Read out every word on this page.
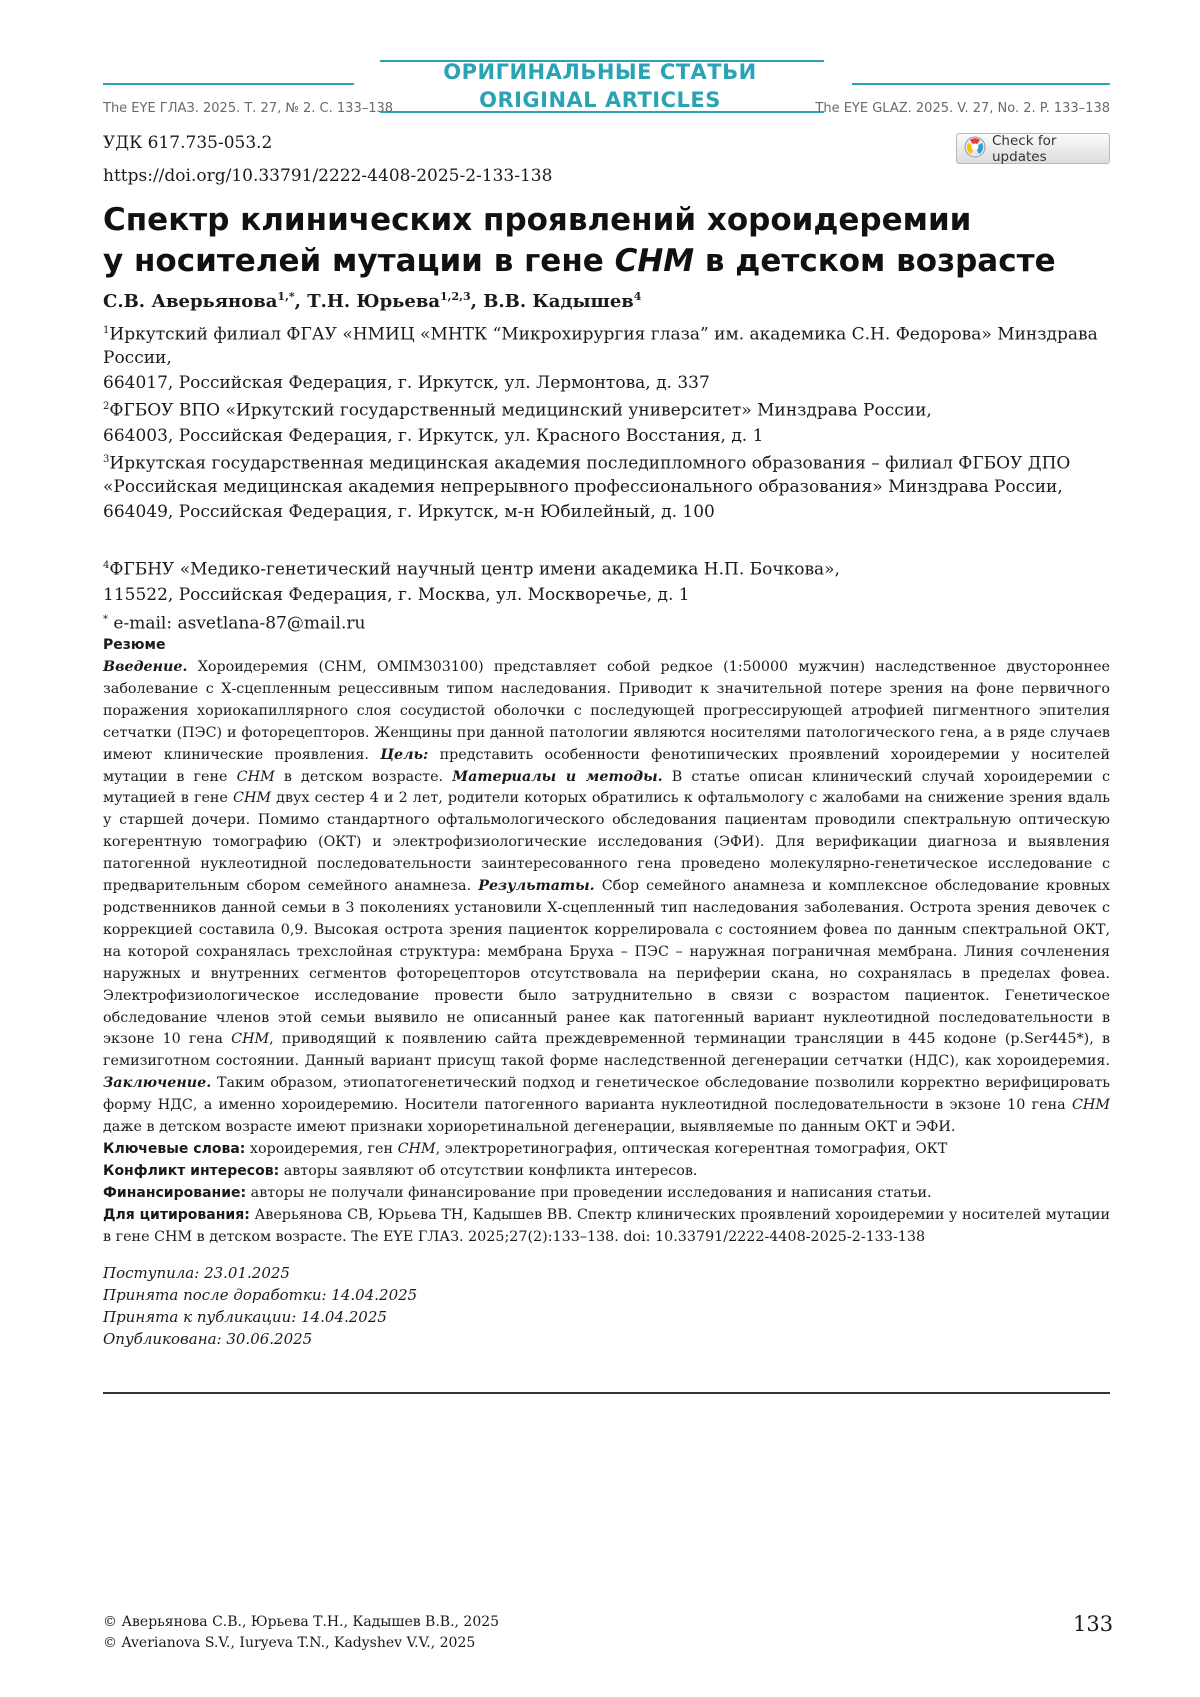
ОРИГИНАЛЬНЫЕ СТАТЬИ
ORIGINAL ARTICLES
The EYE ГЛАЗ. 2025. Т. 27, № 2. С. 133–138	The EYE GLAZ. 2025. V. 27, No. 2. P. 133–138
УДК 617.735-053.2
https://doi.org/10.33791/2222-4408-2025-2-133-138
Check for updates
Спектр клинических проявлений хороидеремии
у носителей мутации в гене CHM в детском возрасте
С.В. Аверьянова$^{1,*}$, Т.Н. Юрьева$^{1,2,3}$, В.В. Кадышев$^4$
$^1$Иркутский филиал ФГАУ «НМИЦ «МНТК “Микрохирургия глаза” им. академика С.Н. Федорова» Минздрава России,
664017, Российская Федерация, г. Иркутск, ул. Лермонтова, д. 337
$^2$ФГБОУ ВПО «Иркутский государственный медицинский университет» Минздрава России,
664003, Российская Федерация, г. Иркутск, ул. Красного Восстания, д. 1
$^3$Иркутская государственная медицинская академия последипломного образования – филиал ФГБОУ ДПО «Российская медицинская академия непрерывного профессионального образования» Минздрава России,
664049, Российская Федерация, г. Иркутск, м-н Юбилейный, д. 100
$^4$ФГБНУ «Медико-генетический научный центр имени академика Н.П. Бочкова»,
115522, Российская Федерация, г. Москва, ул. Москворечье, д. 1
* e-mail: asvetlana-87@mail.ru
Резюме
Введение. Хороидеремия (CHM, OMIM303100) представляет собой редкое (1:50000 мужчин) наследственное двустороннее заболевание с Х-сцепленным рецессивным типом наследования. Приводит к значительной потере зрения на фоне первичного поражения хориокапиллярного слоя сосудистой оболочки с последующей прогрессирующей атрофией пигментного эпителия сетчатки (ПЭС) и фоторецепторов. Женщины при данной патологии являются носителями патологического гена, а в ряде случаев имеют клинические проявления. Цель: представить особенности фенотипических проявлений хороидеремии у носителей мутации в гене CHM в детском возрасте. Материалы и методы. В статье описан клинический случай хороидеремии с мутацией в гене CHM двух сестер 4 и 2 лет, родители которых обратились к офтальмологу с жалобами на снижение зрения вдаль у старшей дочери. Помимо стандартного офтальмологического обследования пациентам проводили спектральную оптическую когерентную томографию (ОКТ) и электрофизиологические исследования (ЭФИ). Для верификации диагноза и выявления патогенной нуклеотидной последовательности заинтересованного гена проведено молекулярно-генетическое исследование с предварительным сбором семейного анамнеза. Результаты. Сбор семейного анамнеза и комплексное обследование кровных родственников данной семьи в 3 поколениях установили Х-сцепленный тип наследования заболевания. Острота зрения девочек с коррекцией составила 0,9. Высокая острота зрения пациенток коррелировала с состоянием фовеа по данным спектральной ОКТ, на которой сохранялась трехслойная структура: мембрана Бруха – ПЭС – наружная пограничная мембрана. Линия сочленения наружных и внутренних сегментов фоторецепторов отсутствовала на периферии скана, но сохранялась в пределах фовеа. Электрофизиологическое исследование провести было затруднительно в связи с возрастом пациенток. Генетическое обследование членов этой семьи выявило не описанный ранее как патогенный вариант нуклеотидной последовательности в экзоне 10 гена CHM, приводящий к появлению сайта преждевременной терминации трансляции в 445 кодоне (p.Ser445*), в гемизиготном состоянии. Данный вариант присущ такой форме наследственной дегенерации сетчатки (НДС), как хороидеремия. Заключение. Таким образом, этиопатогенетический подход и генетическое обследование позволили корректно верифицировать форму НДС, а именно хороидеремию. Носители патогенного варианта нуклеотидной последовательности в экзоне 10 гена CHM даже в детском возрасте имеют признаки хориоретинальной дегенерации, выявляемые по данным ОКТ и ЭФИ.
Ключевые слова: хороидеремия, ген CHM, электроретинография, оптическая когерентная томография, ОКТ
Конфликт интересов: авторы заявляют об отсутствии конфликта интересов.
Финансирование: авторы не получали финансирование при проведении исследования и написания статьи.
Для цитирования: Аверьянова СВ, Юрьева ТН, Кадышев ВВ. Спектр клинических проявлений хороидеремии у носителей мутации в гене CHM в детском возрасте. The EYE ГЛАЗ. 2025;27(2):133–138. doi: 10.33791/2222-4408-2025-2-133-138
Поступила: 23.01.2025
Принята после доработки: 14.04.2025
Принята к публикации: 14.04.2025
Опубликована: 30.06.2025
© Аверьянова С.В., Юрьева Т.Н., Кадышев В.В., 2025
© Averianova S.V., Iuryeva T.N., Kadyshev V.V., 2025
133
